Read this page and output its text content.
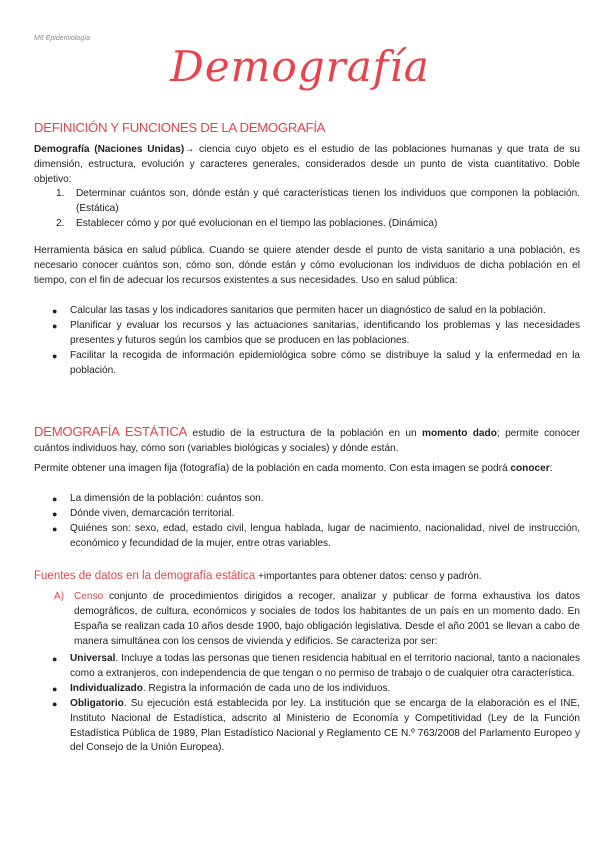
M6 Epidemiología
Demografía
DEFINICIÓN Y FUNCIONES DE LA DEMOGRAFÍA

Demografía (Naciones Unidas)→ ciencia cuyo objeto es el estudio de las poblaciones humanas y que trata de su dimensión, estructura, evolución y caracteres generales, considerados desde un punto de vista cuantitativo. Doble objetivo:

1. Determinar cuántos son, dónde están y qué características tienen los individuos que componen la población. (Estática)
2. Establecer cómo y por qué evolucionan en el tiempo las poblaciones. (Dinámica)

Herramienta básica en salud pública. Cuando se quiere atender desde el punto de vista sanitario a una población, es necesario conocer cuántos son, cómo son, dónde están y cómo evolucionan los individuos de dicha población en el tiempo, con el fin de adecuar los recursos existentes a sus necesidades. Uso en salud pública:

● Calcular las tasas y los indicadores sanitarios que permiten hacer un diagnóstico de salud en la población.
● Planificar y evaluar los recursos y las actuaciones sanitarias, identificando los problemas y las necesidades presentes y futuros según los cambios que se producen en las poblaciones.
● Facilitar la recogida de información epidemiológica sobre cómo se distribuye la salud y la enfermedad en la población.

DEMOGRAFÍA ESTÁTICA estudio de la estructura de la población en un momento dado; permite conocer cuántos individuos hay, cómo son (variables biológicas y sociales) y dónde están.

Permite obtener una imagen fija (fotografía) de la población en cada momento. Con esta imagen se podrá conocer:

● La dimensión de la población: cuántos son.
● Dónde viven, demarcación territorial.
● Quiénes son: sexo, edad, estado civil, lengua hablada, lugar de nacimiento, nacionalidad, nivel de instrucción, económico y fecundidad de la mujer, entre otras variables.
Fuentes de datos en la demografía estática +importantes para obtener datos: censo y padrón.
A) Censo conjunto de procedimientos dirigidos a recoger, analizar y publicar de forma exhaustiva los datos demográficos, de cultura, económicos y sociales de todos los habitantes de un país en un momento dado. En España se realizan cada 10 años desde 1900, bajo obligación legislativa. Desde el año 2001 se llevan a cabo de manera simultánea con los censos de vivienda y edificios. Se caracteriza por ser:
● Universal. Incluye a todas las personas que tienen residencia habitual en el territorio nacional, tanto a nacionales como a extranjeros, con independencia de que tengan o no permiso de trabajo o de cualquier otra característica.
● Individualizado. Registra la información de cada uno de los individuos.
● Obligatorio. Su ejecución está establecida por ley. La institución que se encarga de la elaboración es el INE, Instituto Nacional de Estadística, adscrito al Ministerio de Economía y Competitividad (Ley de la Función Estadística Pública de 1989, Plan Estadístico Nacional y Reglamento CE N.º 763/2008 del Parlamento Europeo y del Consejo de la Unión Europea).
